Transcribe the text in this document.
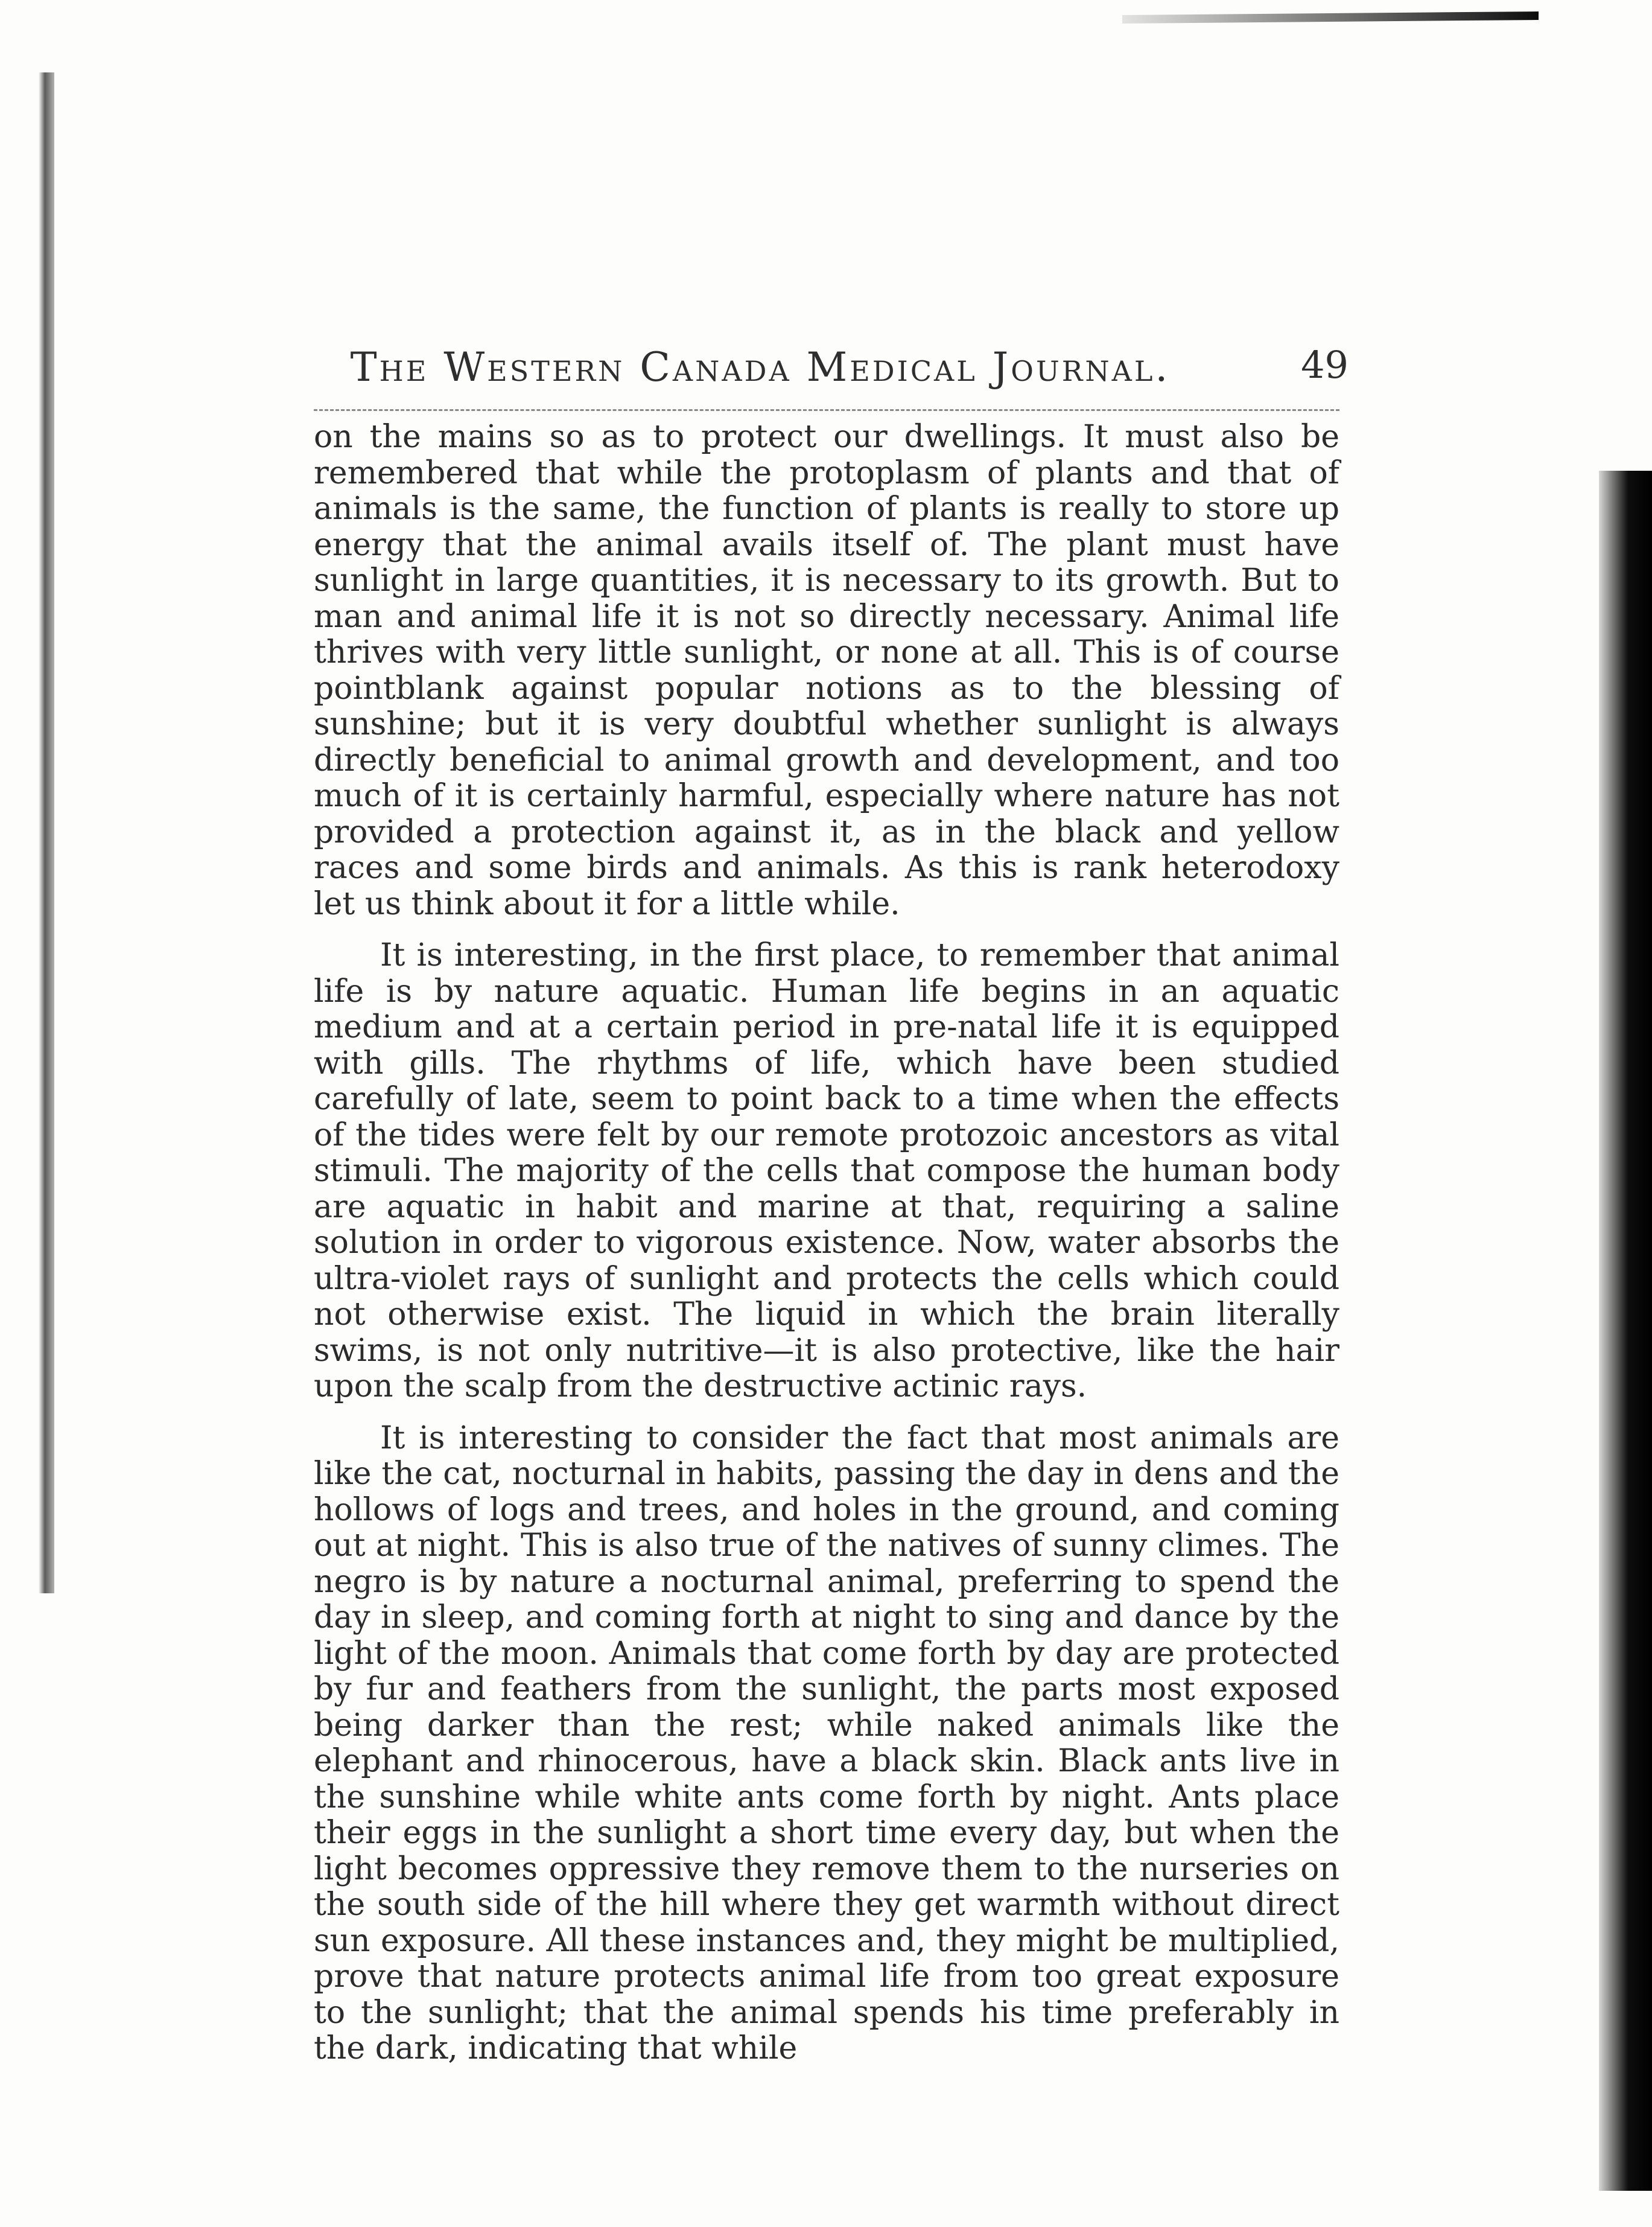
The Western Canada Medical Journal.	49

on the mains so as to protect our dwellings. It must also be remembered that while the protoplasm of plants and that of animals is the same, the function of plants is really to store up energy that the animal avails itself of. The plant must have sunlight in large quantities, it is necessary to its growth. But to man and animal life it is not so directly necessary. Animal life thrives with very little sunlight, or none at all. This is of course pointblank against popular notions as to the blessing of sunshine; but it is very doubtful whether sunlight is always directly beneficial to animal growth and development, and too much of it is certainly harmful, especially where nature has not provided a protection against it, as in the black and yellow races and some birds and animals. As this is rank heterodoxy let us think about it for a little while.

It is interesting, in the first place, to remember that animal life is by nature aquatic. Human life begins in an aquatic medium and at a certain period in pre-natal life it is equipped with gills. The rhythms of life, which have been studied carefully of late, seem to point back to a time when the effects of the tides were felt by our remote protozoic ancestors as vital stimuli. The majority of the cells that compose the human body are aquatic in habit and marine at that, requiring a saline solution in order to vigorous existence. Now, water absorbs the ultra-violet rays of sunlight and protects the cells which could not otherwise exist. The liquid in which the brain literally swims, is not only nutritive—it is also protective, like the hair upon the scalp from the destructive actinic rays.

It is interesting to consider the fact that most animals are like the cat, nocturnal in habits, passing the day in dens and the hollows of logs and trees, and holes in the ground, and coming out at night. This is also true of the natives of sunny climes. The negro is by nature a nocturnal animal, preferring to spend the day in sleep, and coming forth at night to sing and dance by the light of the moon. Animals that come forth by day are protected by fur and feathers from the sunlight, the parts most exposed being darker than the rest; while naked animals like the elephant and rhinocerous, have a black skin. Black ants live in the sunshine while white ants come forth by night. Ants place their eggs in the sunlight a short time every day, but when the light becomes oppressive they remove them to the nurseries on the south side of the hill where they get warmth without direct sun exposure. All these instances and, they might be multiplied, prove that nature protects animal life from too great exposure to the sunlight; that the animal spends his time preferably in the dark, indicating that while
